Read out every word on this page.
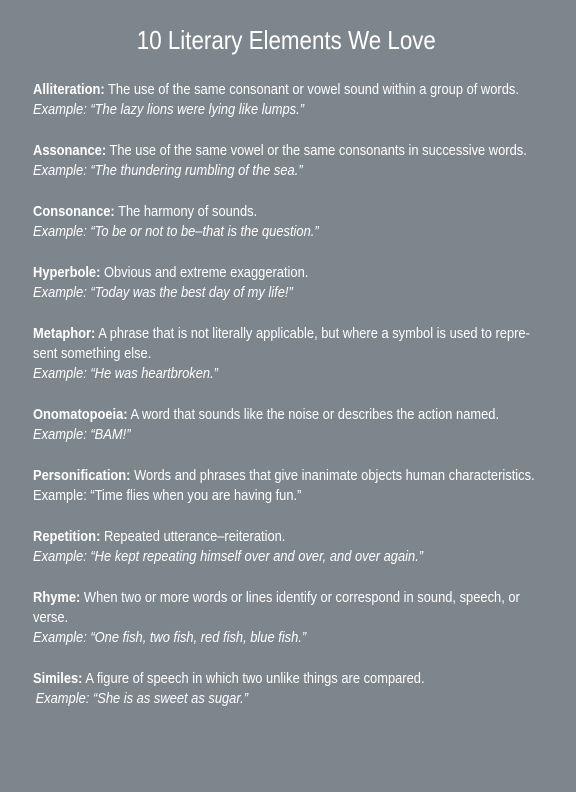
10 Literary Elements We Love
Alliteration: The use of the same consonant or vowel sound within a group of words.
Example: “The lazy lions were lying like lumps.”
Assonance: The use of the same vowel or the same consonants in successive words.
Example: “The thundering rumbling of the sea.”
Consonance: The harmony of sounds.
Example: “To be or not to be–that is the question.”
Hyperbole: Obvious and extreme exaggeration.
Example: “Today was the best day of my life!”
Metaphor: A phrase that is not literally applicable, but where a symbol is used to repre-
sent something else.
Example: “He was heartbroken.”
Onomatopoeia: A word that sounds like the noise or describes the action named.
Example: “BAM!”
Personification: Words and phrases that give inanimate objects human characteristics.
Example: “Time flies when you are having fun.”
Repetition: Repeated utterance–reiteration.
Example: “He kept repeating himself over and over, and over again.”
Rhyme: When two or more words or lines identify or correspond in sound, speech, or
verse.
Example: “One fish, two fish, red fish, blue fish.”
Similes: A figure of speech in which two unlike things are compared.
Example: “She is as sweet as sugar.”
